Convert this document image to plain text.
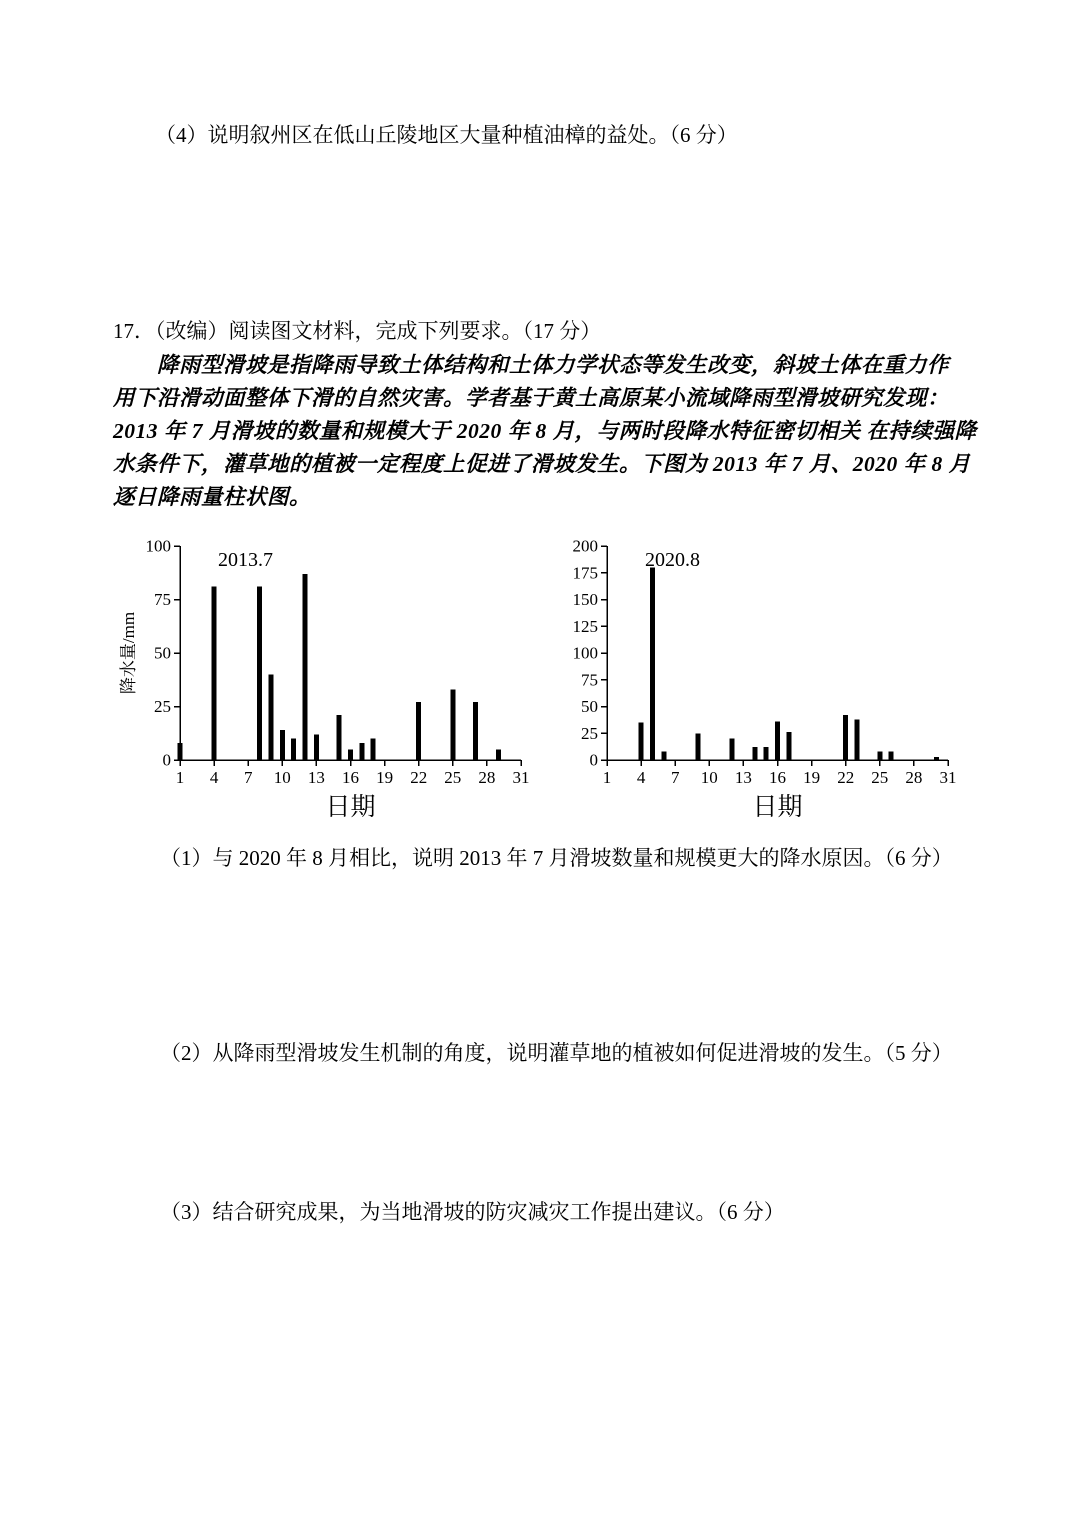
（4）说明叙州区在低山丘陵地区大量种植油樟的益处。（6 分）
17．（改编）阅读图文材料，完成下列要求。（17 分）
降雨型滑坡是指降雨导致土体结构和土体力学状态等发生改变，斜坡土体在重力作
用下沿滑动面整体下滑的自然灾害。学者基于黄土高原某小流域降雨型滑坡研究发现：
2013 年 7 月滑坡的数量和规模大于 2020 年 8 月，与两时段降水特征密切相关 在持续强降
水条件下，灌草地的植被一定程度上促进了滑坡发生。下图为 2013 年 7 月、2020 年 8 月
逐日降雨量柱状图。
0
25
50
75
100
1 4 7 10 13 16 19 22 25 28 31
2013.7
日期
降水量/mm
0
25
50
75
100
125
150
175
200
1 4 7 10 13 16 19 22 25 28 31
2020.8
日期
（1）与 2020 年 8 月相比，说明 2013 年 7 月滑坡数量和规模更大的降水原因。（6 分）
（2）从降雨型滑坡发生机制的角度，说明灌草地的植被如何促进滑坡的发生。（5 分）
（3）结合研究成果，为当地滑坡的防灾减灾工作提出建议。（6 分）
